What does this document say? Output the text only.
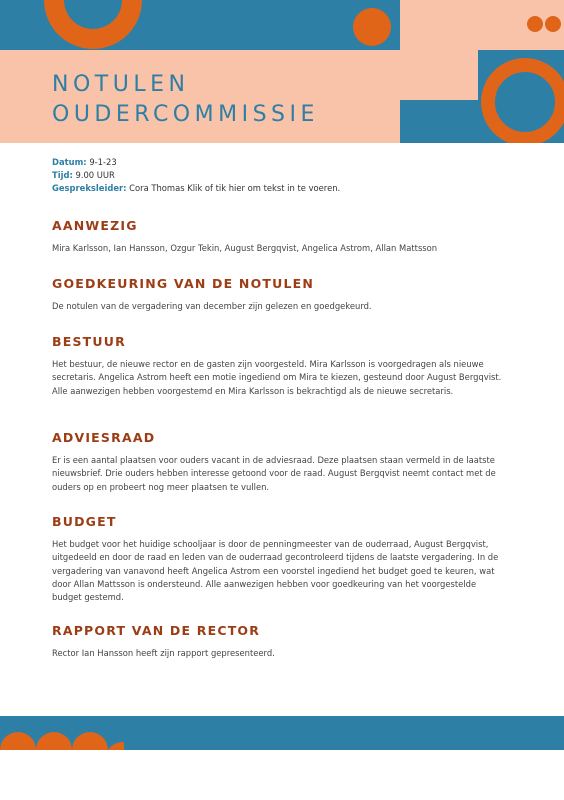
NOTULEN
OUDERCOMMISSIE
Datum: 9-1-23
Tijd: 9.00 UUR
Gespreksleider: Cora Thomas Klik of tik hier om tekst in te voeren.
AANWEZIG

Mira Karlsson, Ian Hansson, Ozgur Tekin, August Bergqvist, Angelica Astrom, Allan Mattsson

GOEDKEURING VAN DE NOTULEN

De notulen van de vergadering van december zijn gelezen en goedgekeurd.

BESTUUR

Het bestuur, de nieuwe rector en de gasten zijn voorgesteld. Mira Karlsson is voorgedragen als nieuwe secretaris. Angelica Astrom heeft een motie ingediend om Mira te kiezen, gesteund door August Bergqvist. Alle aanwezigen hebben voorgestemd en Mira Karlsson is bekrachtigd als de nieuwe secretaris.

ADVIESRAAD

Er is een aantal plaatsen voor ouders vacant in de adviesraad. Deze plaatsen staan vermeld in de laatste nieuwsbrief. Drie ouders hebben interesse getoond voor de raad. August Bergqvist neemt contact met de ouders op en probeert nog meer plaatsen te vullen.

BUDGET

Het budget voor het huidige schooljaar is door de penningmeester van de ouderraad, August Bergqvist, uitgedeeld en door de raad en leden van de ouderraad gecontroleerd tijdens de laatste vergadering. In de vergadering van vanavond heeft Angelica Astrom een voorstel ingediend het budget goed te keuren, wat door Allan Mattsson is ondersteund. Alle aanwezigen hebben voor goedkeuring van het voorgestelde budget gestemd.

RAPPORT VAN DE RECTOR

Rector Ian Hansson heeft zijn rapport gepresenteerd.
